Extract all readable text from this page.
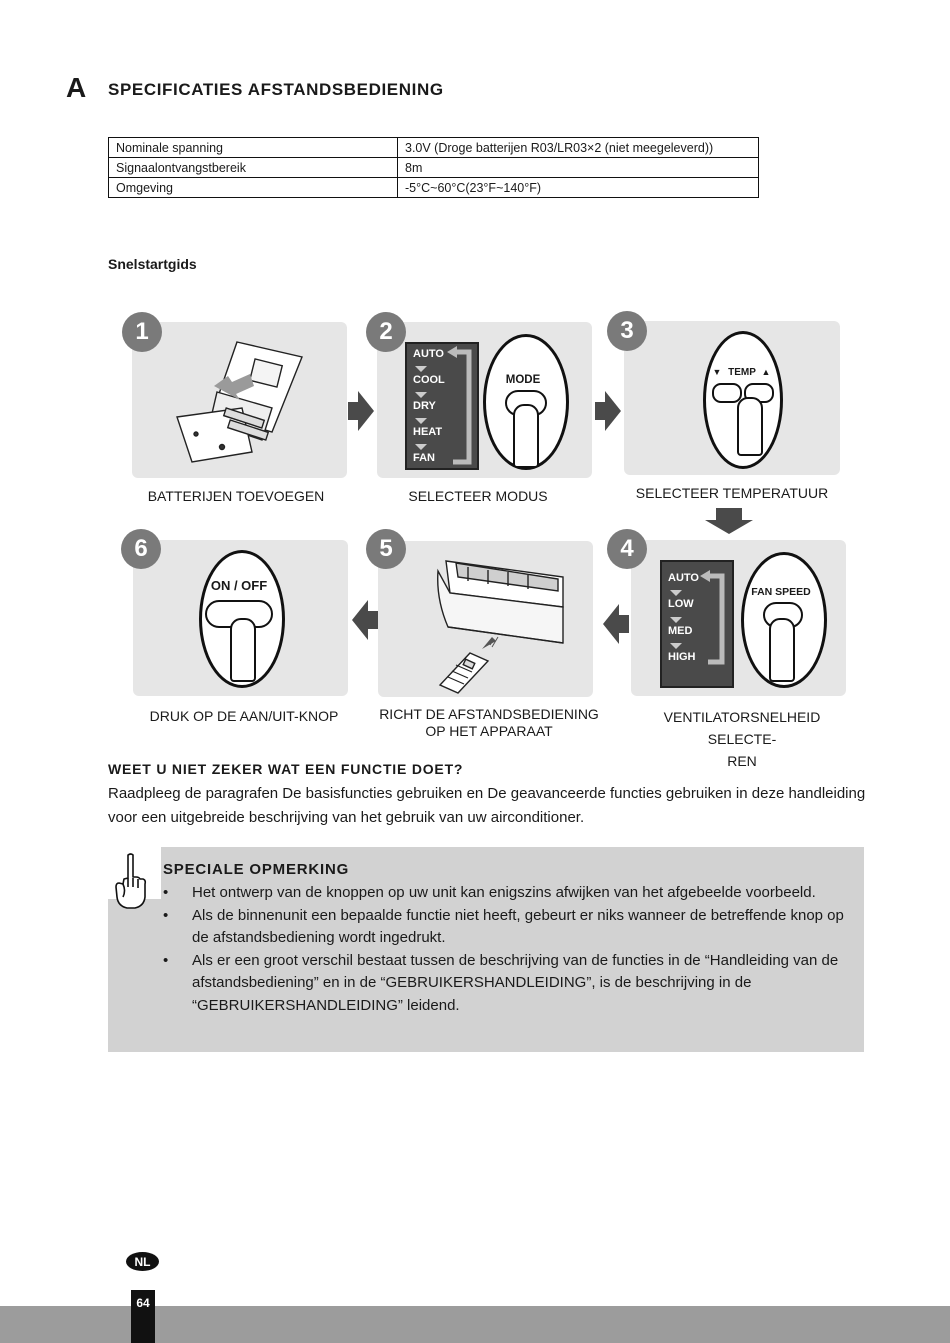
A SPECIFICATIES AFSTANDSBEDIENING
Nominale spanning	3.0V (Droge batterijen R03/LR03×2 (niet meegeleverd))
Signaalontvangstbereik	8m
Omgeving	-5°C~60°C(23°F~140°F)
Snelstartgids
1
BATTERIJEN TOEVOEGEN
AUTO
COOL
DRY
HEAT
FAN
MODE
2
SELECTEER MODUS
▼ TEMP ▲
3
SELECTEER TEMPERATUUR
AUTO
LOW
MED
HIGH
FAN SPEED
4
VENTILATORSNELHEID SELECTE-
REN
5
RICHT DE AFSTANDSBEDIENING
OP HET APPARAAT
ON / OFF
6
DRUK OP DE AAN/UIT-KNOP
WEET U NIET ZEKER WAT EEN FUNCTIE DOET?
Raadpleeg de paragrafen De basisfuncties gebruiken en De geavanceerde functies gebruiken in deze handleiding voor een uitgebreide beschrijving van het gebruik van uw airconditioner.
SPECIALE OPMERKING
• Het ontwerp van de knoppen op uw unit kan enigszins afwijken van het afgebeelde voorbeeld.
• Als de binnenunit een bepaalde functie niet heeft, gebeurt er niks wanneer de betreffende knop op de afstandsbediening wordt ingedrukt.
• Als er een groot verschil bestaat tussen de beschrijving van de functies in de “Handleiding van de afstandsbediening” en in de “GEBRUIKERSHANDLEIDING”, is de beschrijving in de “GEBRUIKERSHANDLEIDING” leidend.
NL
64
